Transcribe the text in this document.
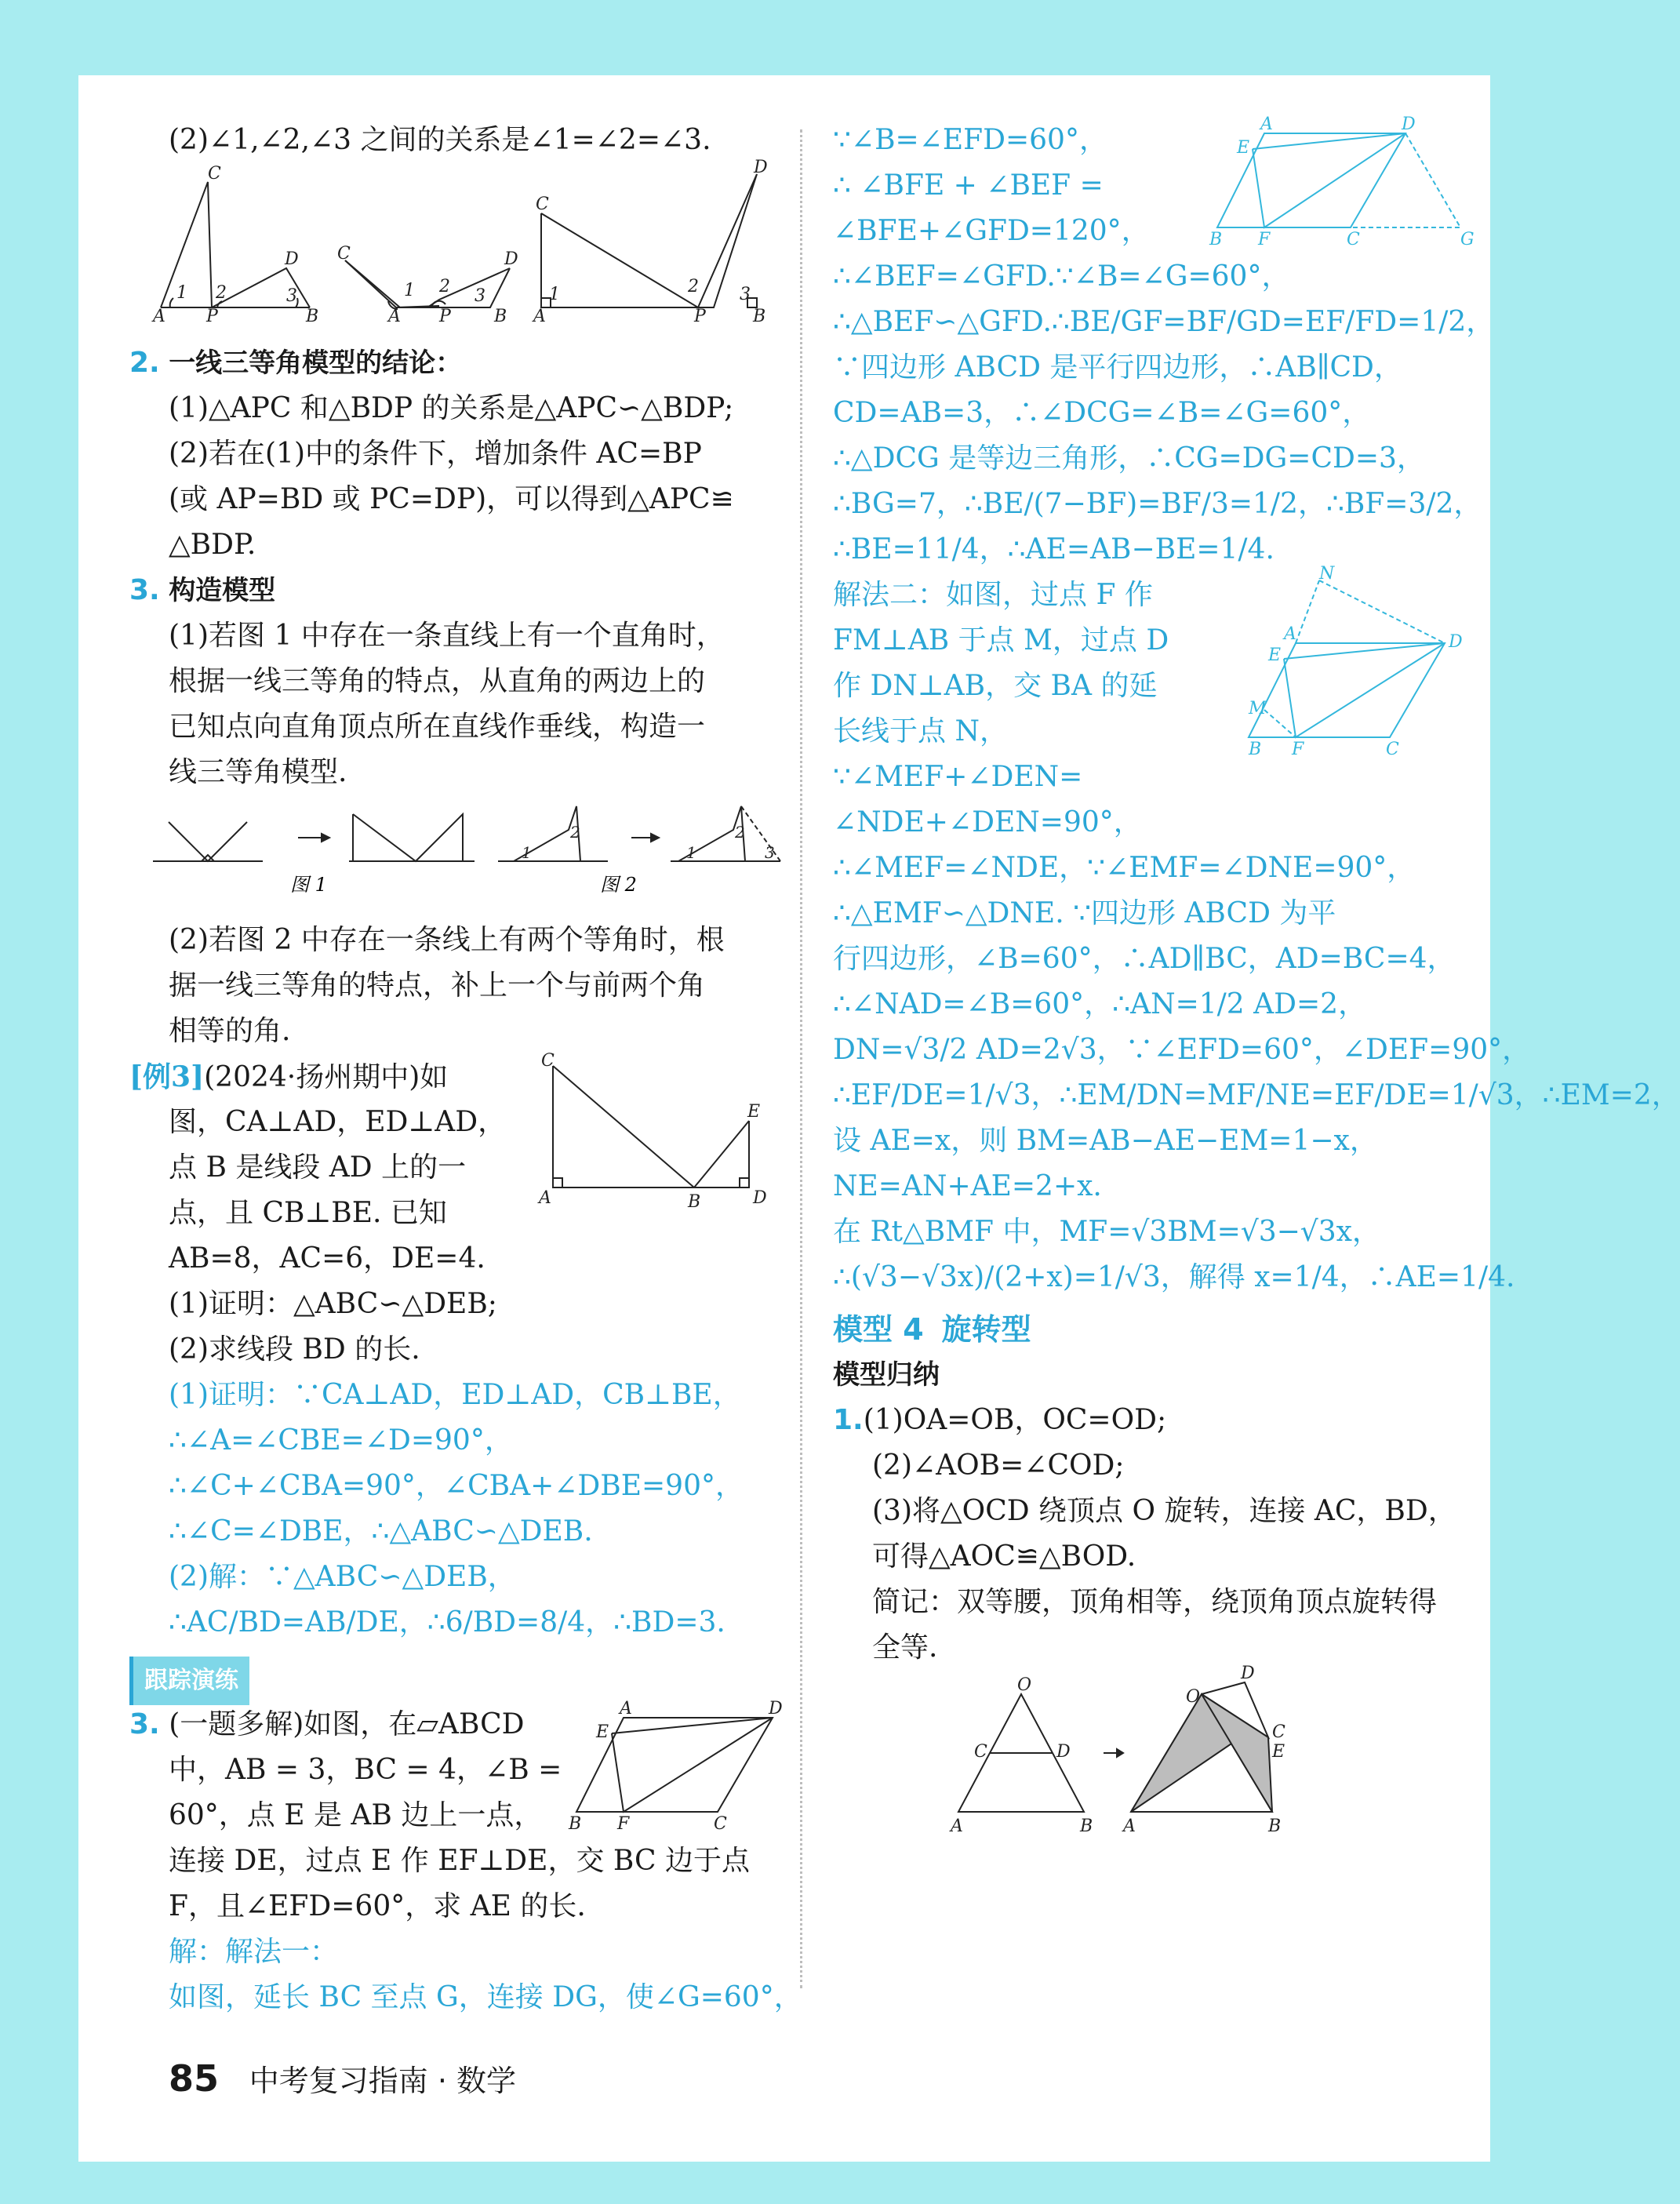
(2)∠1,∠2,∠3 之间的关系是∠1=∠2=∠3.
A
C
1 2
P	B
D
3
C
A P	B
D
1 2 3
A
C
P	B
D
1	2 3
2. 一线三等角模型的结论：
(1)△APC 和△BDP 的关系是△APC∽△BDP;
(2)若在(1)中的条件下，增加条件 AC=BP
(或 AP=BD 或 PC=DP)，可以得到△APC≌
△BDP.
3. 构造模型
(1)若图 1 中存在一条直线上有一个直角时，
根据一线三等角的特点，从直角的两边上的
已知点向直角顶点所在直线作垂线，构造一
线三等角模型.
1
2
1
2
3
图 1	图 2
(2)若图 2 中存在一条线上有两个等角时，根
据一线三等角的特点，补上一个与前两个角
相等的角.
[例3](2024·扬州期中)如
图，CA⊥AD，ED⊥AD，
点 B 是线段 AD 上的一
点，且 CB⊥BE. 已知
AB=8，AC=6，DE=4.
C
A	B	D
E
(1)证明：△ABC∽△DEB;
(2)求线段 BD 的长.
(1)证明：∵CA⊥AD，ED⊥AD，CB⊥BE，
∴∠A=∠CBE=∠D=90°，
∴∠C+∠CBA=90°，∠CBA+∠DBE=90°，
∴∠C=∠DBE，∴△ABC∽△DEB.
(2)解：∵△ABC∽△DEB，
∴AC/BD=AB/DE，∴6/BD=8/4，∴BD=3.
跟踪演练
3. (一题多解)如图，在▱ABCD
中，AB = 3，BC = 4，∠B =
60°，点 E 是 AB 边上一点，
A	D
E
B F	C
连接 DE，过点 E 作 EF⊥DE，交 BC 边于点
F，且∠EFD=60°，求 AE 的长.
解：解法一：
如图，延长 BC 至点 G，连接 DG，使∠G=60°，
∵∠B=∠EFD=60°，
∴ ∠BFE + ∠BEF =
∠BFE+∠GFD=120°，
A	D
E
B F	C	G
∴∠BEF=∠GFD.∵∠B=∠G=60°，
∴△BEF∽△GFD.∴BE/GF=BF/GD=EF/FD=1/2，
∵四边形 ABCD 是平行四边形，∴AB∥CD，
CD=AB=3，∴∠DCG=∠B=∠G=60°，
∴△DCG 是等边三角形，∴CG=DG=CD=3，
∴BG=7，∴BE/(7−BF)=BF/3=1/2，∴BF=3/2，
∴BE=11/4，∴AE=AB−BE=1/4.
解法二：如图，过点 F 作
FM⊥AB 于点 M，过点 D
作 DN⊥AB，交 BA 的延
长线于点 N，
N
A	D
E
M
B F	C
∵∠MEF+∠DEN=
∠NDE+∠DEN=90°，
∴∠MEF=∠NDE，∵∠EMF=∠DNE=90°，
∴△EMF∽△DNE. ∵四边形 ABCD 为平
行四边形，∠B=60°，∴AD∥BC，AD=BC=4，
∴∠NAD=∠B=60°，∴AN=1/2 AD=2，
DN=√3/2 AD=2√3，∵∠EFD=60°，∠DEF=90°，
∴EF/DE=1/√3，∴EM/DN=MF/NE=EF/DE=1/√3，∴EM=2，
设 AE=x，则 BM=AB−AE−EM=1−x，
NE=AN+AE=2+x.
在 Rt△BMF 中，MF=√3BM=√3−√3x，
∴(√3−√3x)/(2+x)=1/√3，解得 x=1/4，∴AE=1/4.
模型 4 旋转型
模型归纳
1.(1)OA=OB，OC=OD;
(2)∠AOB=∠COD;
(3)将△OCD 绕顶点 O 旋转，连接 AC，BD，
可得△AOC≌△BOD.
简记：双等腰，顶角相等，绕顶角顶点旋转得
全等.
O
C	D
A	B
O
D
C
E
A	B
85 中考复习指南 · 数学
